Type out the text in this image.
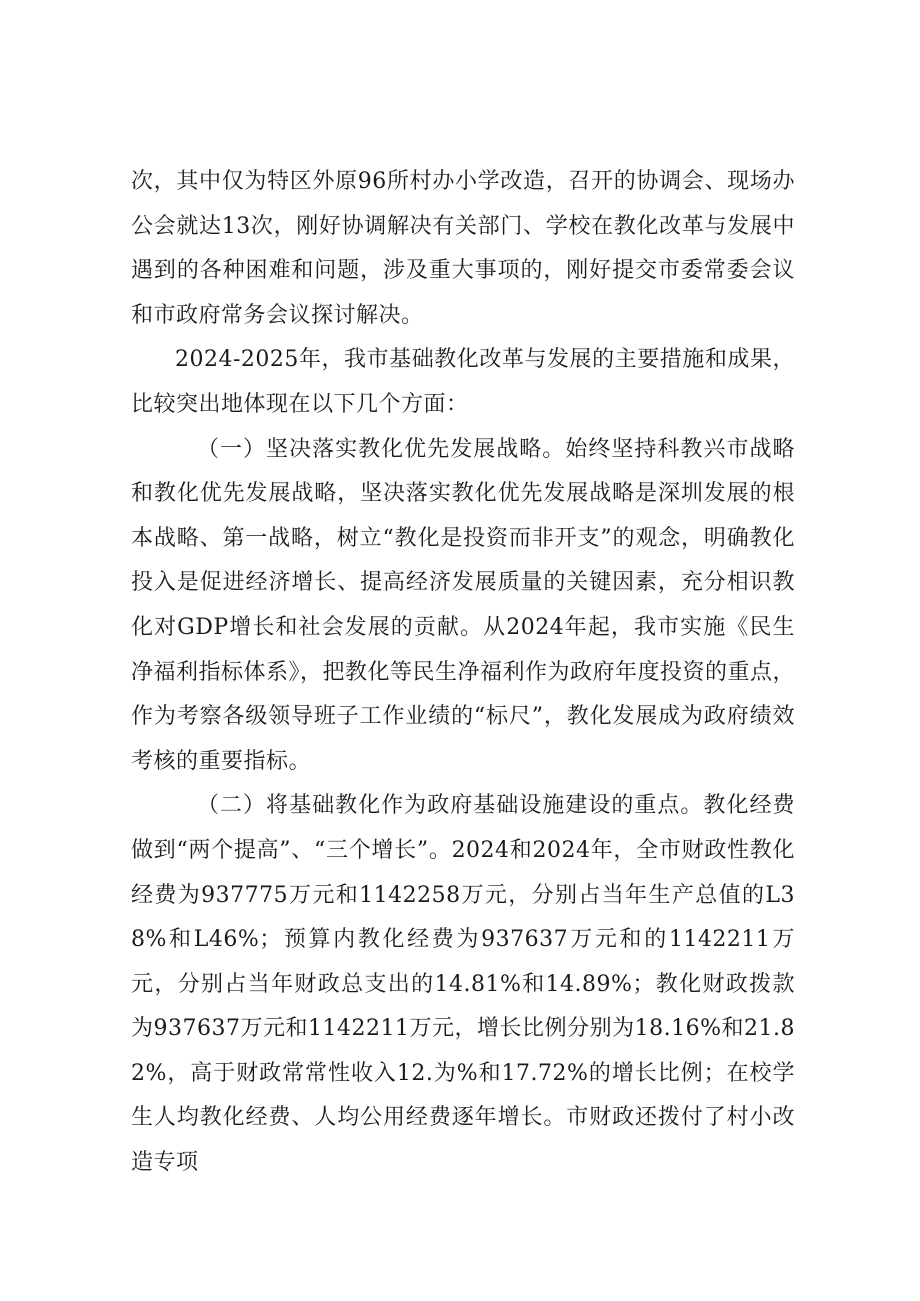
次，其中仅为特区外原96所村办小学改造，召开的协调会、现场办公会就达13次，刚好协调解决有关部门、学校在教化改革与发展中遇到的各种困难和问题，涉及重大事项的，刚好提交市委常委会议和市政府常务会议探讨解决。

2024-2025年，我市基础教化改革与发展的主要措施和成果，比较突出地体现在以下几个方面：

（一）坚决落实教化优先发展战略。始终坚持科教兴市战略和教化优先发展战略，坚决落实教化优先发展战略是深圳发展的根本战略、第一战略，树立“教化是投资而非开支”的观念，明确教化投入是促进经济增长、提高经济发展质量的关键因素，充分相识教化对GDP增长和社会发展的贡献。从2024年起，我市实施《民生净福利指标体系》，把教化等民生净福利作为政府年度投资的重点，作为考察各级领导班子工作业绩的“标尺”，教化发展成为政府绩效考核的重要指标。

（二）将基础教化作为政府基础设施建设的重点。教化经费做到“两个提高”、“三个增长”。2024和2024年，全市财政性教化经费为937775万元和1142258万元，分别占当年生产总值的L38%和L46%；预算内教化经费为937637万元和的1142211万元，分别占当年财政总支出的14.81%和14.89%；教化财政拨款为937637万元和1142211万元，增长比例分别为18.16%和21.82%，高于财政常常性收入12.为%和17.72%的增长比例；在校学生人均教化经费、人均公用经费逐年增长。市财政还拨付了村小改造专项
